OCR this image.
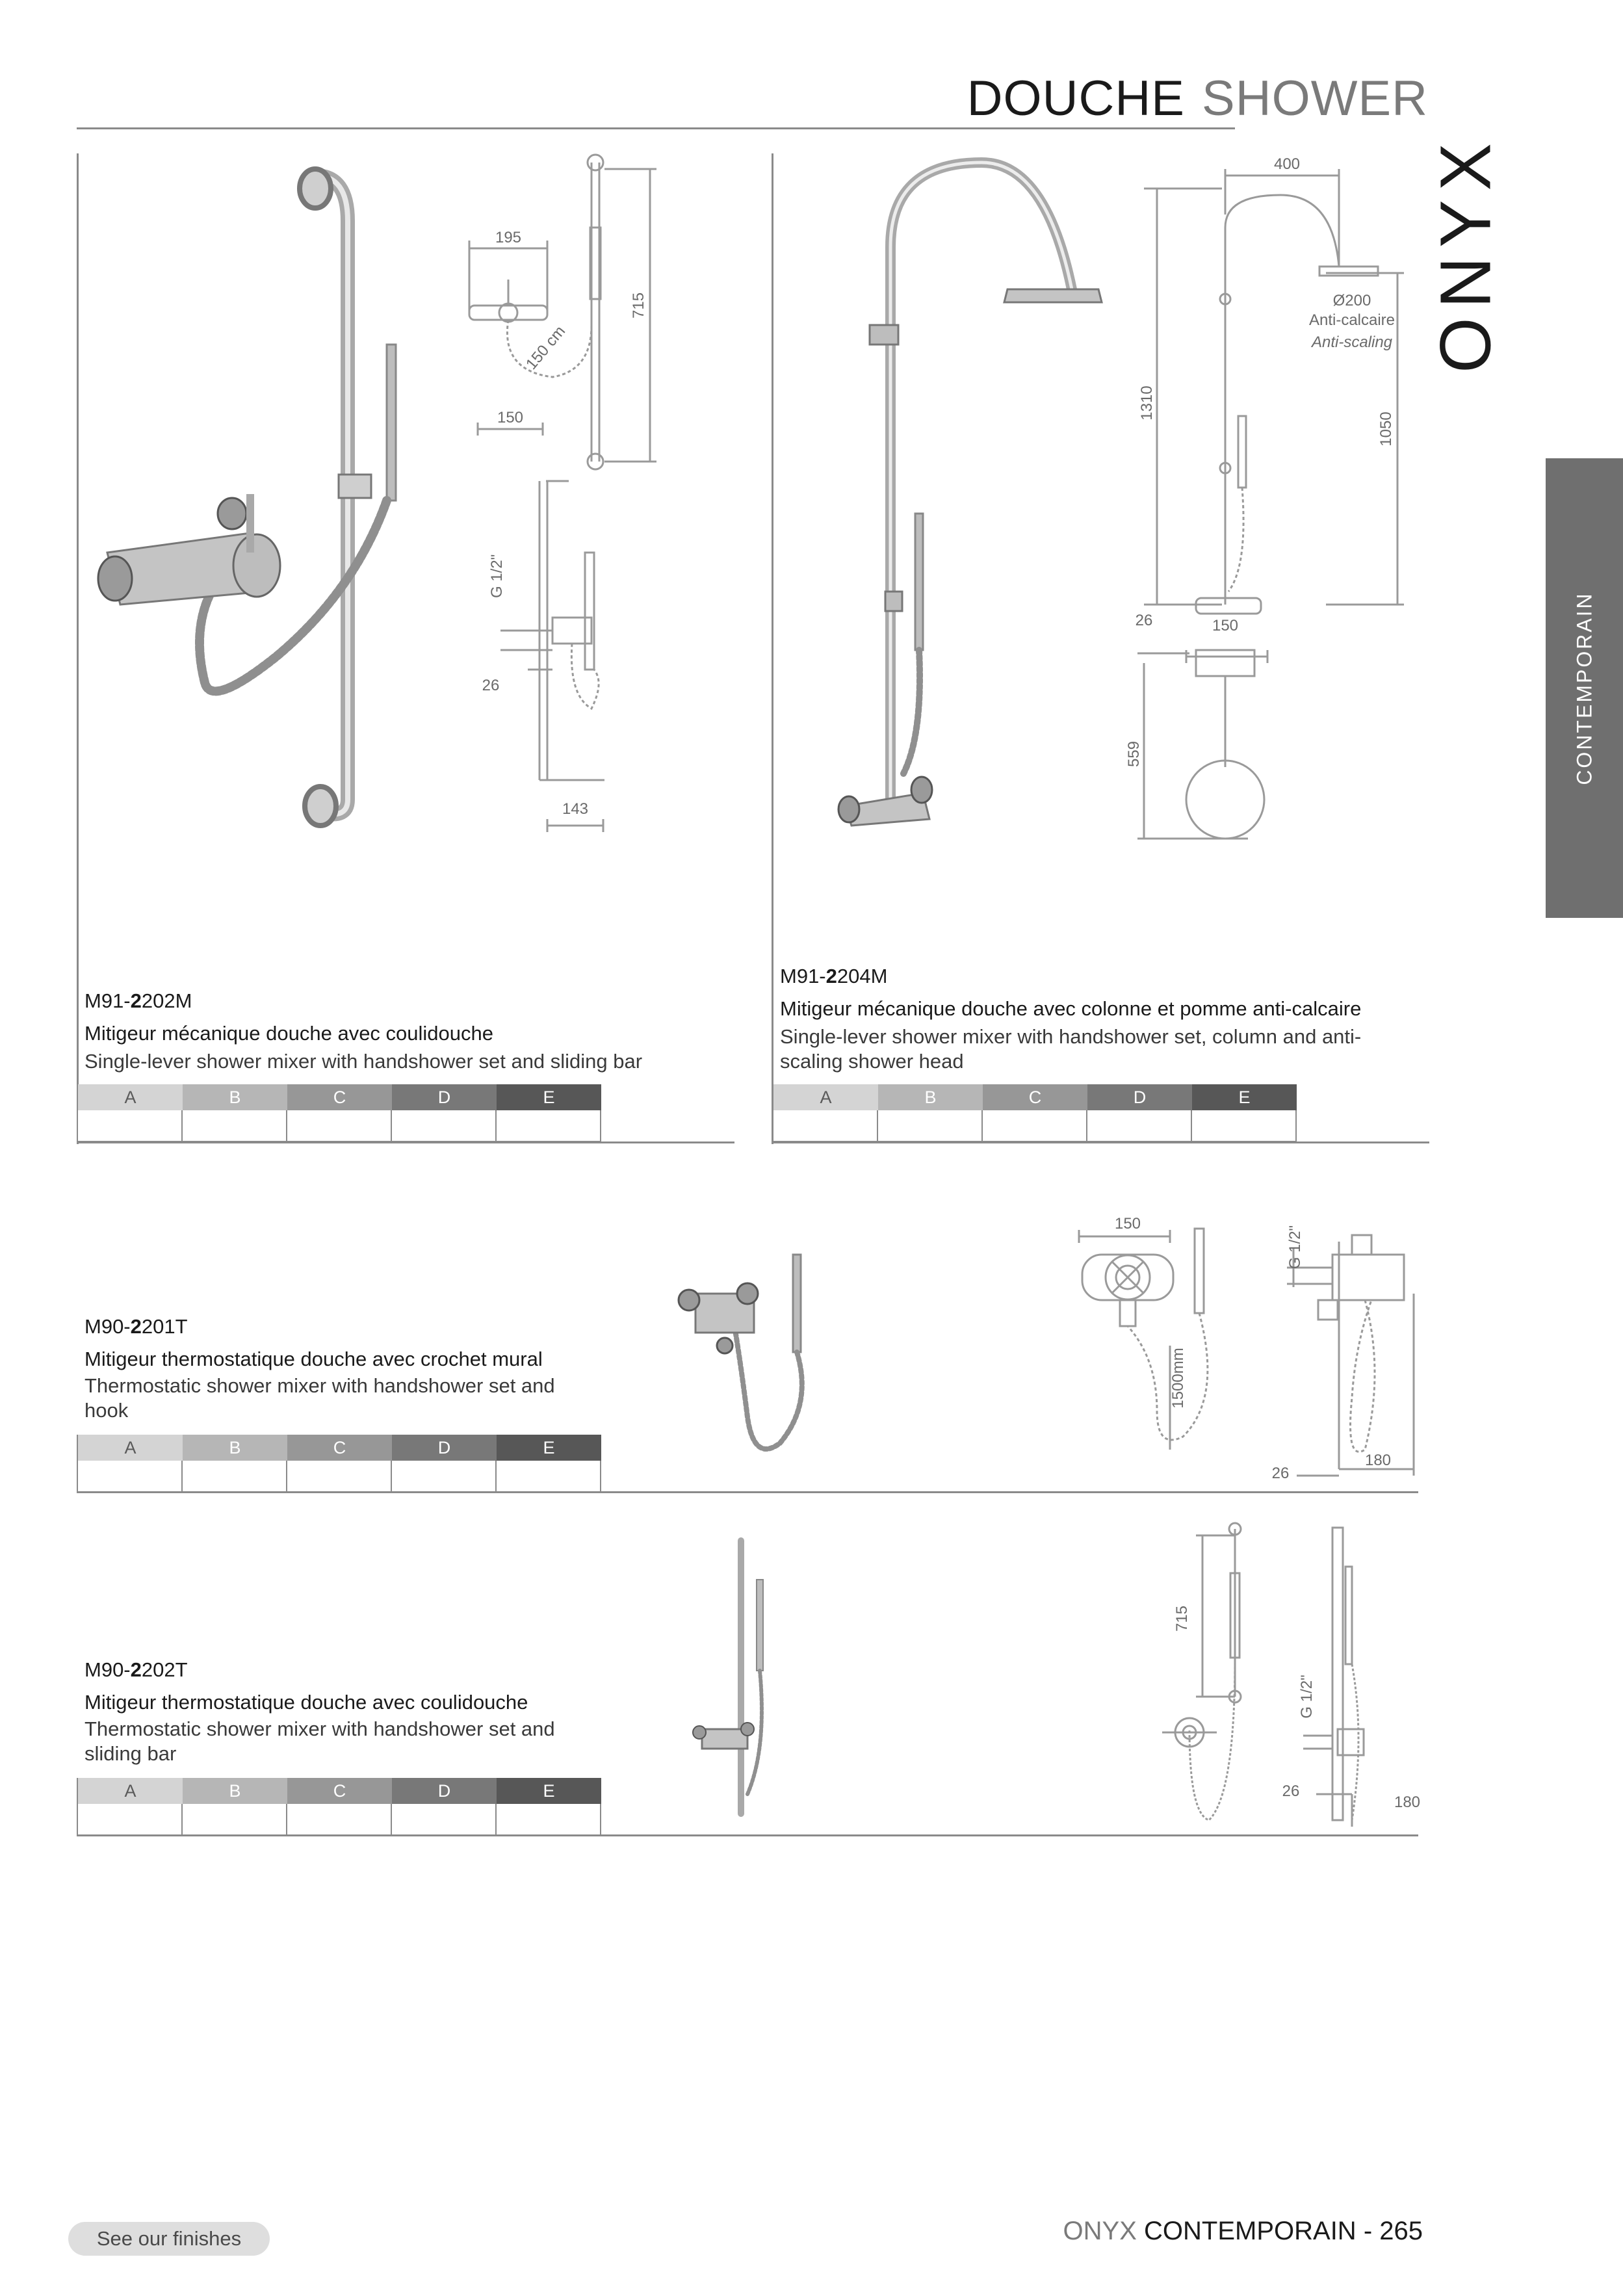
DOUCHE SHOWER
ONYX
CONTEMPORAIN
195
150 cm
715
150
G 1/2"
26
143
M91-2202M
Mitigeur mécanique douche avec coulidouche
Single-lever shower mixer with handshower set and sliding bar
A	B	C	D	E
400
Ø200
Anti-calcaire
Anti-scaling
1310
1050
26	150
559
M91-2204M
Mitigeur mécanique douche avec colonne et pomme anti-calcaire
Single-lever shower mixer with handshower set, column and anti-scaling shower head
A	B	C	D	E
150
1500mm
G 1/2"
26
180
M90-2201T
Mitigeur thermostatique douche avec crochet mural
Thermostatic shower mixer with handshower set and hook
A	B	C	D	E
715
G 1/2"
26
180
M90-2202T
Mitigeur thermostatique douche avec coulidouche
Thermostatic shower mixer with handshower set and sliding bar
A	B	C	D	E
See our finishes	ONYX CONTEMPORAIN - 265
